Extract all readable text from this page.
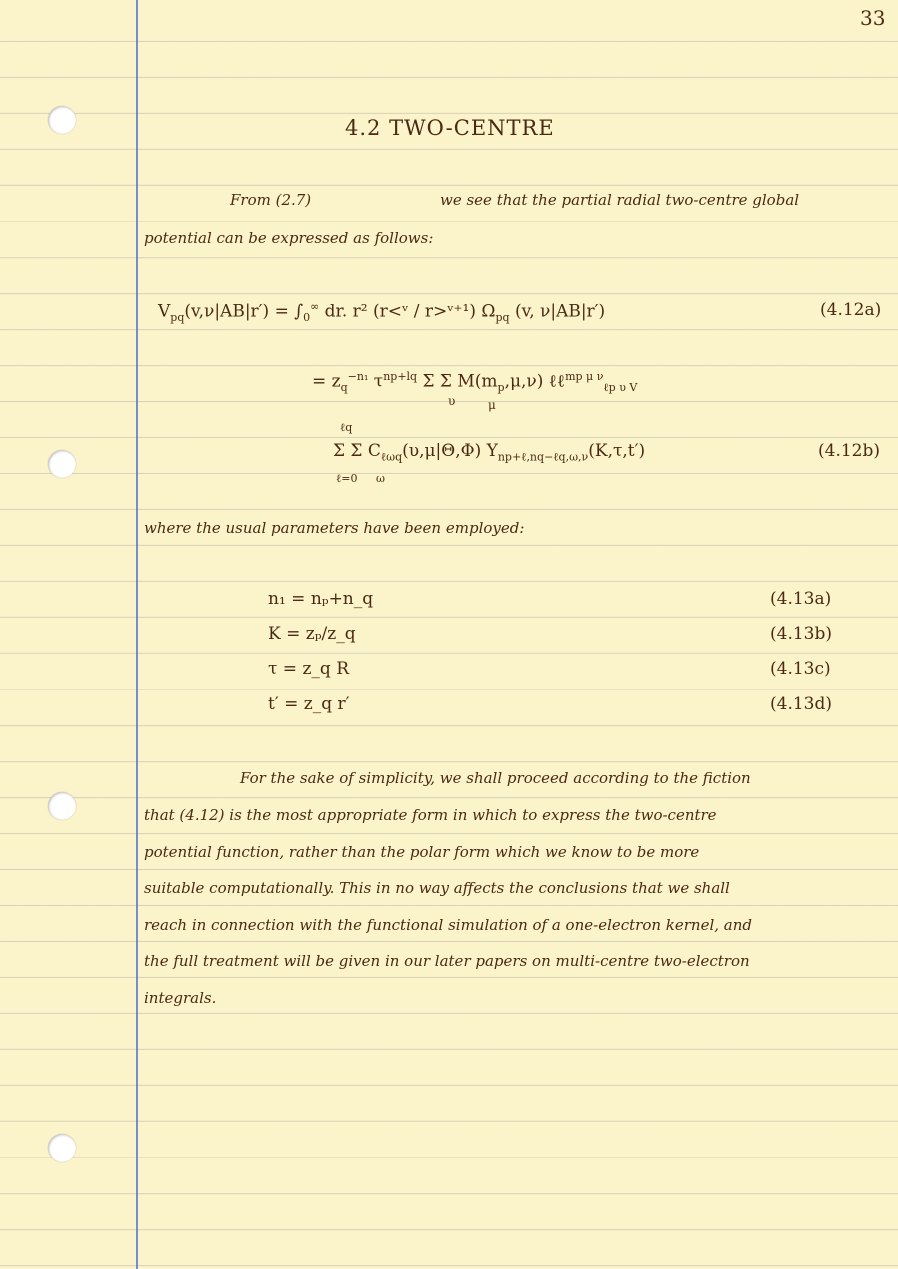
33
4.2 TWO-CENTRE
From (2.7)	we see that the partial radial two-centre global
potential can be expressed as follows:
$V_{pq}(v,\nu|AB|r') = \int_0^\infty$ dr. r² (r<ᵛ / r>ᵛ⁺¹) $\Omega_{pq}$ (v, ν|AB|r′)	(4.12a)
= $z_q^{-n_1}$ $\tau^{np+lq}$ Σ Σ $M(m_p,\mu,\nu)$ ℓℓ$^{mp \mu \nu}_{\ell p \upsilon V}$
υ	μ
ℓq
Σ Σ $C_{\ell\omega q}(\upsilon,\mu|\Theta,\Phi)$ $Y_{np+\ell,nq-\ell q,\omega,\nu}(K,\tau,t')$
ℓ=0 ω
(4.12b)
where the usual parameters have been employed:
n₁ = nₚ+n_q	(4.13a)
K = zₚ/z_q	(4.13b)
τ = z_q R	(4.13c)
t′ = z_q r′	(4.13d)
For the sake of simplicity, we shall proceed according to the fiction
that (4.12) is the most appropriate form in which to express the two-centre
potential function, rather than the polar form which we know to be more
suitable computationally. This in no way affects the conclusions that we shall
reach in connection with the functional simulation of a one-electron kernel, and
the full treatment will be given in our later papers on multi-centre two-electron
integrals.
